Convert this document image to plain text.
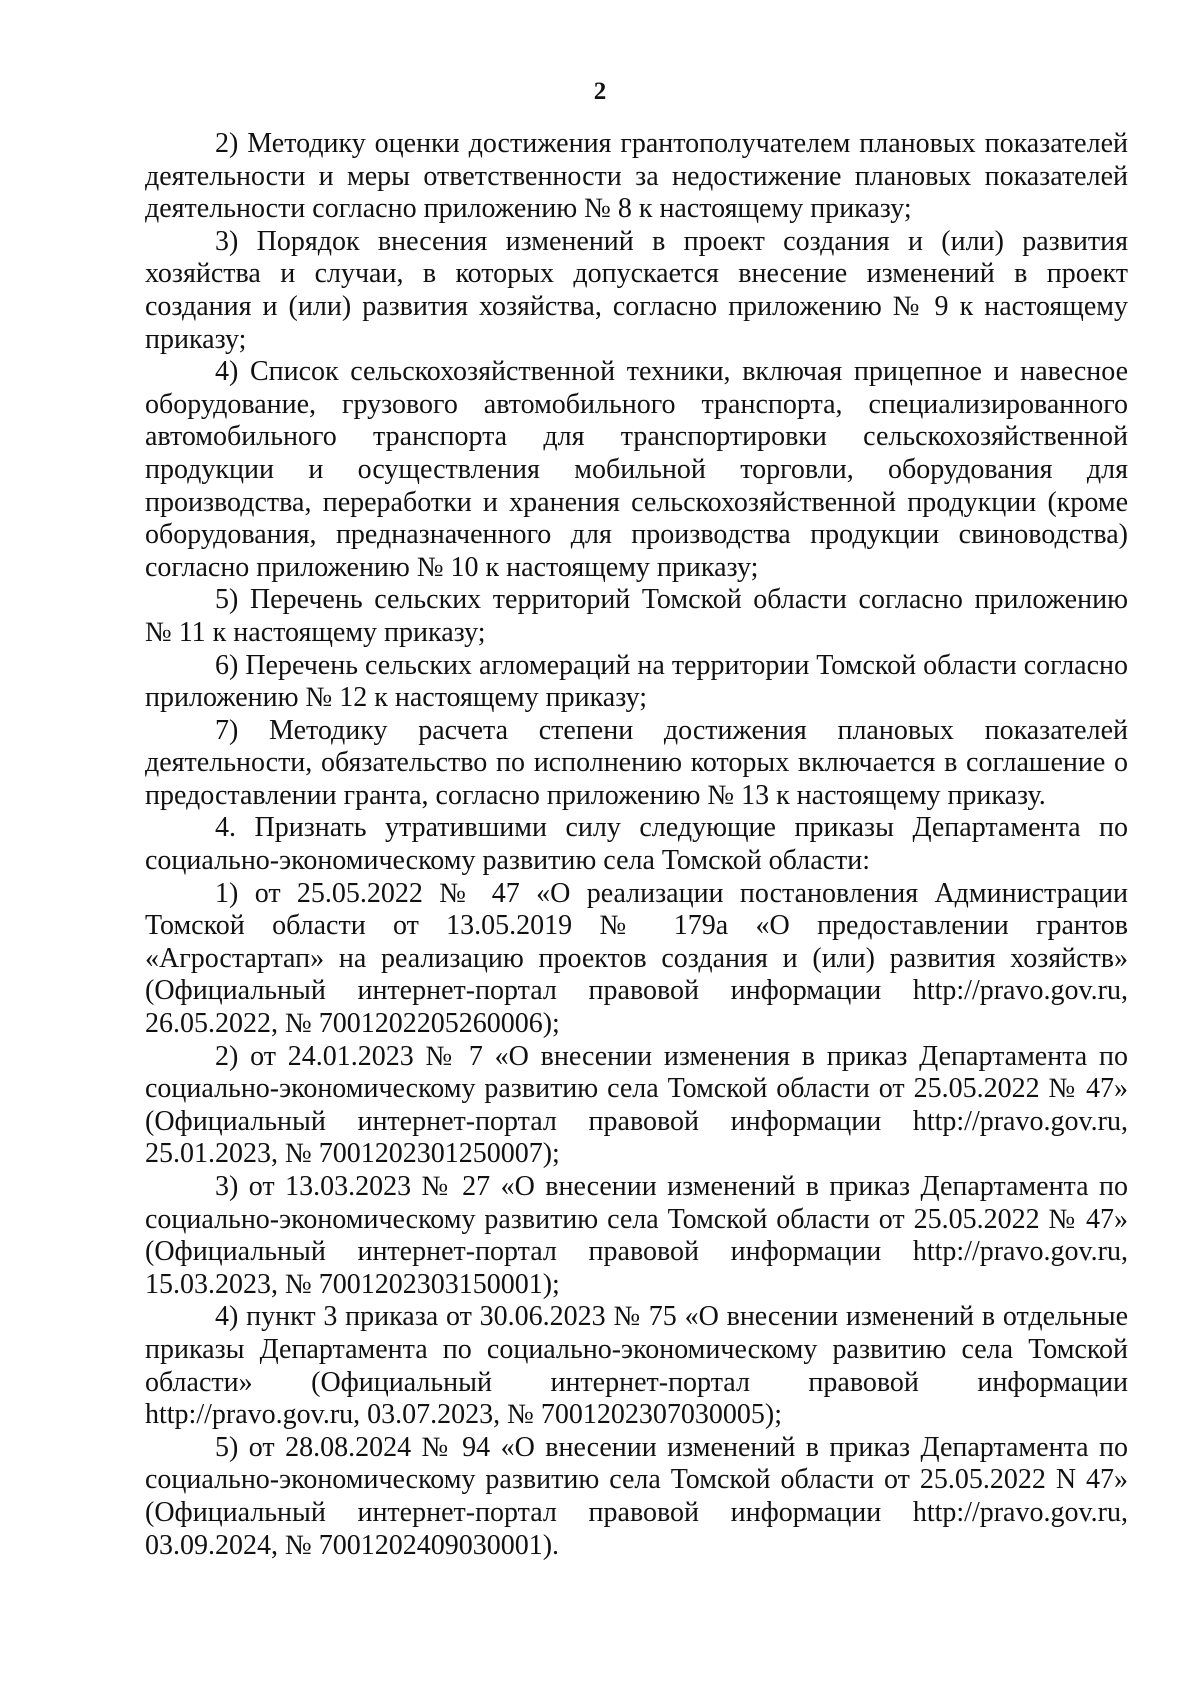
2

2) Методику оценки достижения грантополучателем плановых показателей деятельности и меры ответственности за недостижение плановых показателей деятельности согласно приложению № 8 к настоящему приказу;

3) Порядок внесения изменений в проект создания и (или) развития хозяйства и случаи, в которых допускается внесение изменений в проект создания и (или) развития хозяйства, согласно приложению № 9 к настоящему приказу;

4) Список сельскохозяйственной техники, включая прицепное и навесное оборудование, грузового автомобильного транспорта, специализированного автомобильного транспорта для транспортировки сельскохозяйственной продукции и осуществления мобильной торговли, оборудования для производства, переработки и хранения сельскохозяйственной продукции (кроме оборудования, предназначенного для производства продукции свиноводства) согласно приложению № 10 к настоящему приказу;

5) Перечень сельских территорий Томской области согласно приложению № 11 к настоящему приказу;

6) Перечень сельских агломераций на территории Томской области согласно приложению № 12 к настоящему приказу;

7) Методику расчета степени достижения плановых показателей деятельности, обязательство по исполнению которых включается в соглашение о предоставлении гранта, согласно приложению № 13 к настоящему приказу.

4. Признать утратившими силу следующие приказы Департамента по социально-экономическому развитию села Томской области:

1) от 25.05.2022 № 47 «О реализации постановления Администрации Томской области от 13.05.2019 № 179а «О предоставлении грантов «Агростартап» на реализацию проектов создания и (или) развития хозяйств» (Официальный интернет-портал правовой информации http://pravo.gov.ru, 26.05.2022, № 7001202205260006);

2) от 24.01.2023 № 7 «О внесении изменения в приказ Департамента по социально-экономическому развитию села Томской области от 25.05.2022 № 47» (Официальный интернет-портал правовой информации http://pravo.gov.ru, 25.01.2023, № 7001202301250007);

3) от 13.03.2023 № 27 «О внесении изменений в приказ Департамента по социально-экономическому развитию села Томской области от 25.05.2022 № 47» (Официальный интернет-портал правовой информации http://pravo.gov.ru, 15.03.2023, № 7001202303150001);

4) пункт 3 приказа от 30.06.2023 № 75 «О внесении изменений в отдельные приказы Департамента по социально-экономическому развитию села Томской области» (Официальный интернет-портал правовой информации http://pravo.gov.ru, 03.07.2023, № 7001202307030005);

5) от 28.08.2024 № 94 «О внесении изменений в приказ Департамента по социально-экономическому развитию села Томской области от 25.05.2022 N 47» (Официальный интернет-портал правовой информации http://pravo.gov.ru, 03.09.2024, № 7001202409030001).
